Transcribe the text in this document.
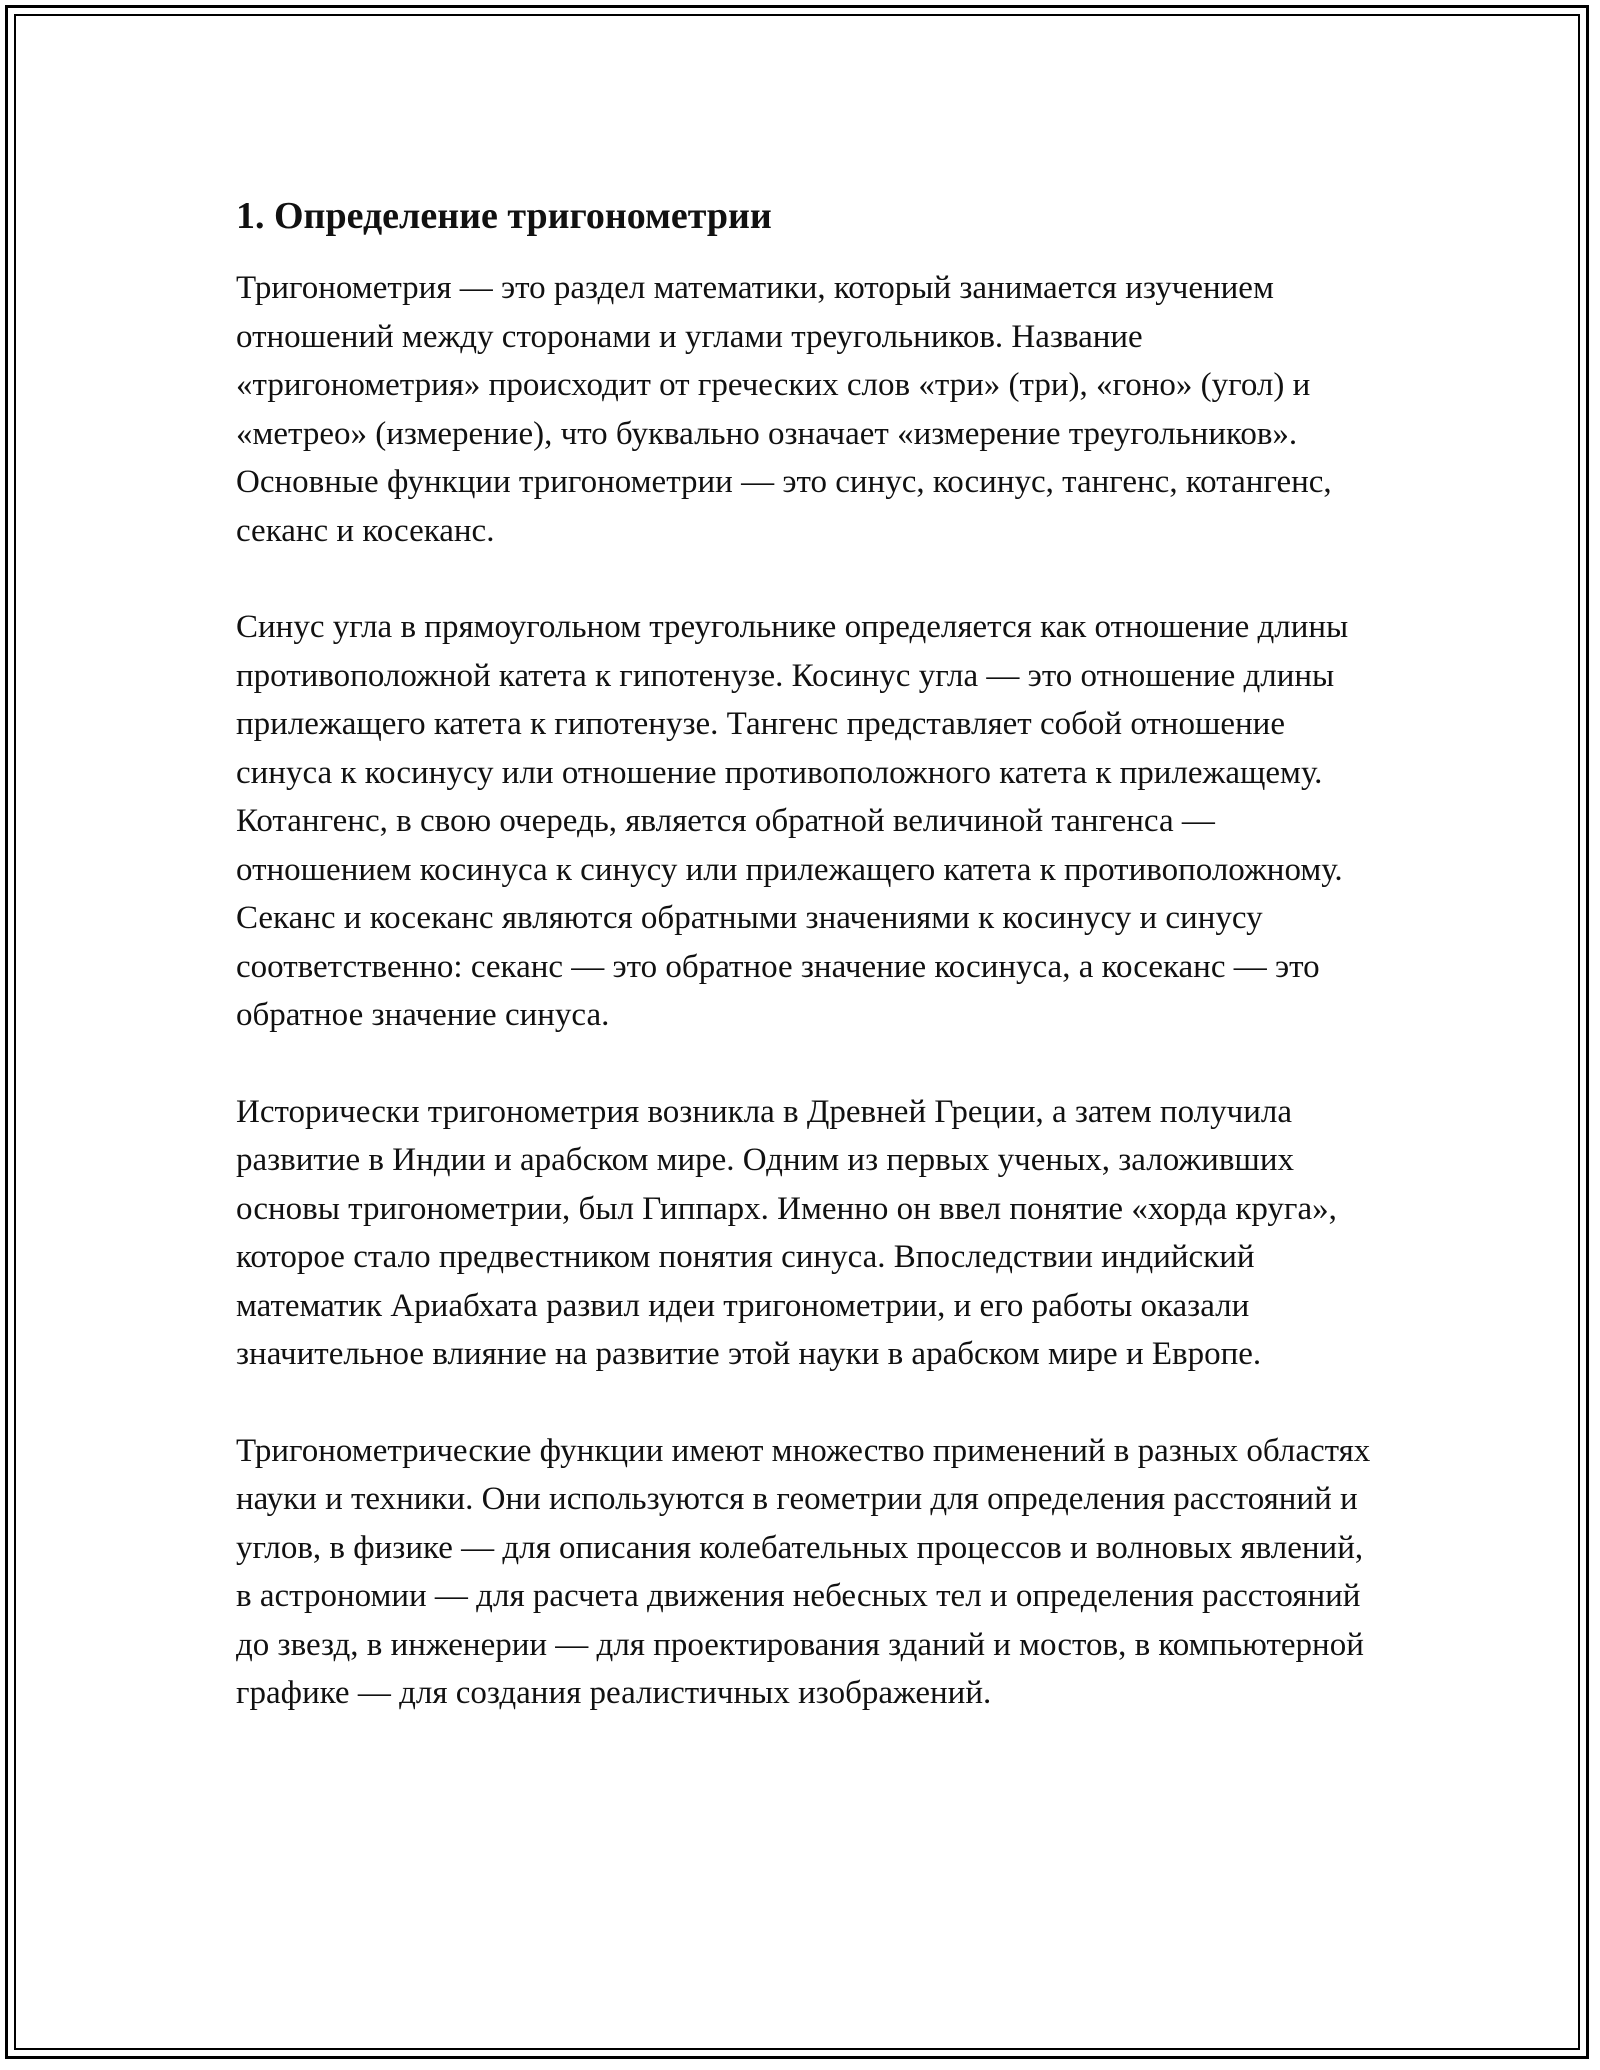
1. Определение тригонометрии

Тригонометрия — это раздел математики, который занимается изучением отношений между сторонами и углами треугольников. Название «тригонометрия» происходит от греческих слов «три» (три), «гоно» (угол) и «метрео» (измерение), что буквально означает «измерение треугольников». Основные функции тригонометрии — это синус, косинус, тангенс, котангенс, секанс и косеканс.

Синус угла в прямоугольном треугольнике определяется как отношение длины противоположной катета к гипотенузе. Косинус угла — это отношение длины прилежащего катета к гипотенузе. Тангенс представляет собой отношение синуса к косинусу или отношение противоположного катета к прилежащему. Котангенс, в свою очередь, является обратной величиной тангенса — отношением косинуса к синусу или прилежащего катета к противоположному. Секанс и косеканс являются обратными значениями к косинусу и синусу соответственно: секанс — это обратное значение косинуса, а косеканс — это обратное значение синуса.

Исторически тригонометрия возникла в Древней Греции, а затем получила развитие в Индии и арабском мире. Одним из первых ученых, заложивших основы тригонометрии, был Гиппарх. Именно он ввел понятие «хорда круга», которое стало предвестником понятия синуса. Впоследствии индийский математик Ариабхата развил идеи тригонометрии, и его работы оказали значительное влияние на развитие этой науки в арабском мире и Европе.

Тригонометрические функции имеют множество применений в разных областях науки и техники. Они используются в геометрии для определения расстояний и углов, в физике — для описания колебательных процессов и волновых явлений, в астрономии — для расчета движения небесных тел и определения расстояний до звезд, в инженерии — для проектирования зданий и мостов, в компьютерной графике — для создания реалистичных изображений.
